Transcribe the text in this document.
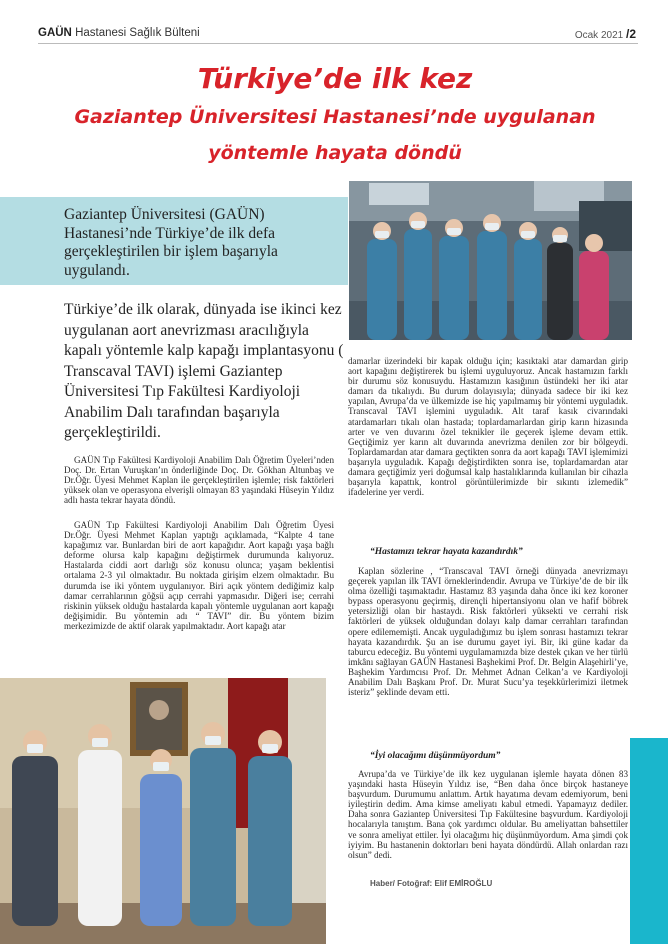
GAÜN Hastanesi Sağlık Bülteni	Ocak 2021 /2
Türkiye’de ilk kez
Gaziantep Üniversitesi Hastanesi’nde uygulanan
yöntemle hayata döndü
Gaziantep Üniversitesi (GAÜN) Hastanesi’nde Türkiye’de ilk defa gerçekleştirilen bir işlem başarıyla uygulandı.
Türkiye’de ilk olarak, dünyada ise ikinci kez uygulanan aort anevrizması aracılığıyla kapalı yöntemle kalp kapağı implantasyonu ( Transcaval TAVI) işlemi Gaziantep Üniversitesi Tıp Fakültesi Kardiyoloji Anabilim Dalı tarafından başarıyla gerçekleştirildi.
GAÜN Tıp Fakültesi Kardiyoloji Anabilim Dalı Öğretim Üyeleri’nden Doç. Dr. Ertan Vuruşkan’ın önderliğinde Doç. Dr. Gökhan Altunbaş ve Dr.Öğr. Üyesi Mehmet Kaplan ile gerçekleştirilen işlemle; risk faktörleri yüksek olan ve operasyona elverişli olmayan 83 yaşındaki Hüseyin Yıldız adlı hasta tekrar hayata döndü.
GAÜN Tıp Fakültesi Kardiyoloji Anabilim Dalı Öğretim Üyesi Dr.Öğr. Üyesi Mehmet Kaplan yaptığı açıklamada, “Kalpte 4 tane kapağımız var. Bunlardan biri de aort kapağıdır. Aort kapağı yaşa bağlı deforme olursa kalp kapağını değiştirmek durumunda kalıyoruz. Hastalarda ciddi aort darlığı söz konusu olunca; yaşam beklentisi ortalama 2-3 yıl olmaktadır. Bu noktada girişim elzem olmaktadır. Bu durumda ise iki yöntem uygulanıyor. Biri açık yöntem dediğimiz kalp damar cerrahlarının göğsü açıp cerrahi yapmasıdır. Diğeri ise; cerrahi riskinin yüksek olduğu hastalarda kapalı yöntemle uygulanan aort kapağı değişimidir. Bu yöntemin adı “ TAVI” dir. Bu yöntem bizim merkezimizde de aktif olarak yapılmaktadır. Aort kapağı atar
damarlar üzerindeki bir kapak olduğu için; kasıktaki atar damardan girip aort kapağını değiştirerek bu işlemi uyguluyoruz. Ancak hastamızın farklı bir durumu söz konusuydu. Hastamızın kasığının üstündeki her iki atar damarı da tıkalıydı. Bu durum dolayısıyla; dünyada sadece bir iki kez yapılan, Avrupa’da ve ülkemizde ise hiç yapılmamış bir yöntemi uyguladık. Transcaval TAVI işlemini uyguladık. Alt taraf kasık civarındaki atardamarları tıkalı olan hastada; toplardamarlardan girip karın hizasında arter ve ven duvarını özel teknikler ile geçerek işleme devam ettik. Geçtiğimiz yer karın alt duvarında anevrizma denilen zor bir bölgeydi. Toplardamardan atar damara geçtikten sonra da aort kapağı TAVI işlemimizi başarıyla uyguladık. Kapağı değiştirdikten sonra ise, toplardamardan atar damara geçtiğimiz yeri doğumsal kalp hastalıklarında kullanılan bir cihazla başarıyla kapattık, kontrol görüntülerimizde bir sıkıntı izlemedik” ifadelerine yer verdi.
“Hastamızı tekrar hayata kazandırdık”
Kaplan sözlerine , “Transcaval TAVI örneği dünyada anevrizmayı geçerek yapılan ilk TAVI örneklerindendir. Avrupa ve Türkiye’de de bir ilk olma özelliği taşımaktadır. Hastamız 83 yaşında daha önce iki kez koroner bypass operasyonu geçirmiş, dirençli hipertansiyonu olan ve hafif böbrek yetersizliği olan bir hastaydı. Risk faktörleri yüksekti ve cerrahi risk faktörleri de yüksek olduğundan dolayı kalp damar cerrahları tarafından opere edilememişti. Ancak uyguladığımız bu işlem sonrası hastamızı tekrar hayata kazandırdık. Şu an ise durumu gayet iyi. Bir, iki güne kadar da taburcu edeceğiz. Bu yöntemi uygulamamızda bize destek çıkan ve her türlü imkânı sağlayan GAÜN Hastanesi Başhekimi Prof. Dr. Belgin Alaşehirli’ye, Başhekim Yardımcısı Prof. Dr. Mehmet Adnan Celkan’a ve Kardiyoloji Anabilim Dalı Başkanı Prof. Dr. Murat Sucu’ya teşekkürlerimizi iletmek isteriz” şeklinde devam etti.
“İyi olacağımı düşünmüyordum”
Avrupa’da ve Türkiye’de ilk kez uygulanan işlemle hayata dönen 83 yaşındaki hasta Hüseyin Yıldız ise, “Ben daha önce birçok hastaneye başvurdum. Durumumu anlattım. Artık hayatıma devam edemiyorum, beni iyileştirin dedim. Ama kimse ameliyatı kabul etmedi. Yapamayız dediler. Daha sonra Gaziantep Üniversitesi Tıp Fakültesine başvurdum. Kardiyoloji hocalarıyla tanıştım. Bana çok yardımcı oldular. Bu ameliyattan bahsettiler ve sonra ameliyat ettiler. İyi olacağımı hiç düşünmüyordum. Ama şimdi çok iyiyim. Bu hastanenin doktorları beni hayata döndürdü. Allah onlardan razı olsun” dedi.
Haber/ Fotoğraf: Elif EMİROĞLU
